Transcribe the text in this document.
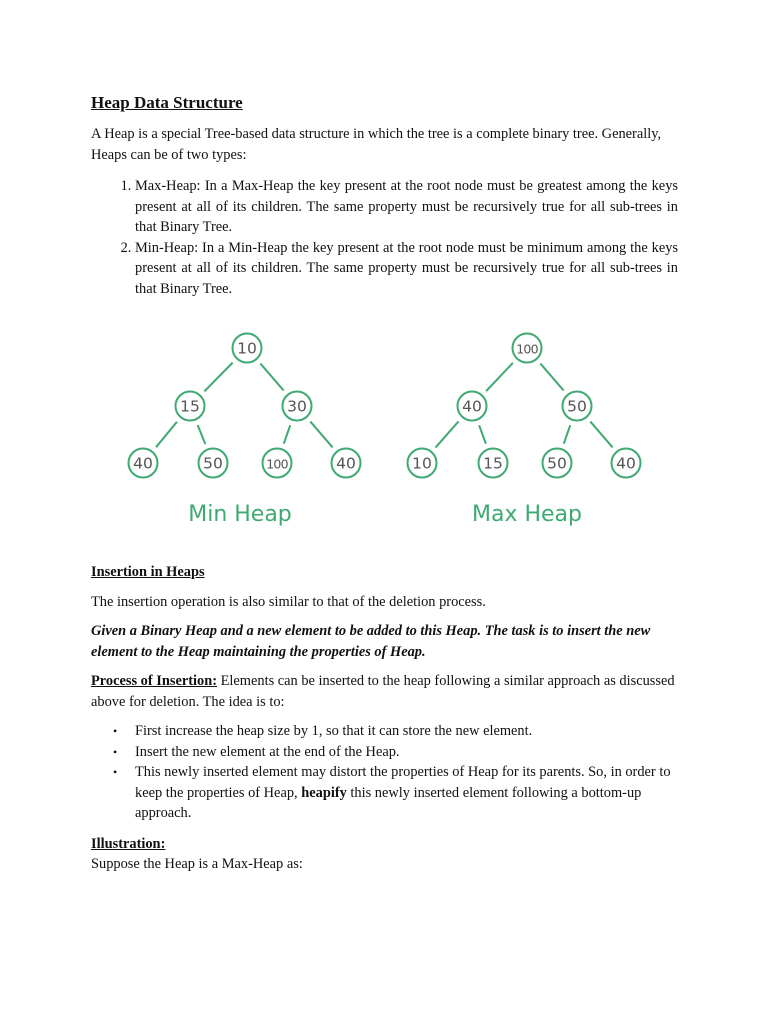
Heap Data Structure

A Heap is a special Tree-based data structure in which the tree is a complete binary tree. Generally, Heaps can be of two types:

1. Max-Heap: In a Max-Heap the key present at the root node must be greatest among the keys present at all of its children. The same property must be recursively true for all sub-trees in that Binary Tree.
2. Min-Heap: In a Min-Heap the key present at the root node must be minimum among the keys present at all of its children. The same property must be recursively true for all sub-trees in that Binary Tree.
10
15	30
40	50	100	40
100
40	50
10	15	50	40
Min Heap	Max Heap

Insertion in Heaps

The insertion operation is also similar to that of the deletion process.

Given a Binary Heap and a new element to be added to this Heap. The task is to insert the new element to the Heap maintaining the properties of Heap.

Process of Insertion: Elements can be inserted to the heap following a similar approach as discussed above for deletion. The idea is to:

• First increase the heap size by 1, so that it can store the new element.
• Insert the new element at the end of the Heap.
• This newly inserted element may distort the properties of Heap for its parents. So, in order to keep the properties of Heap, heapify this newly inserted element following a bottom-up approach.

Illustration:

Suppose the Heap is a Max-Heap as:
